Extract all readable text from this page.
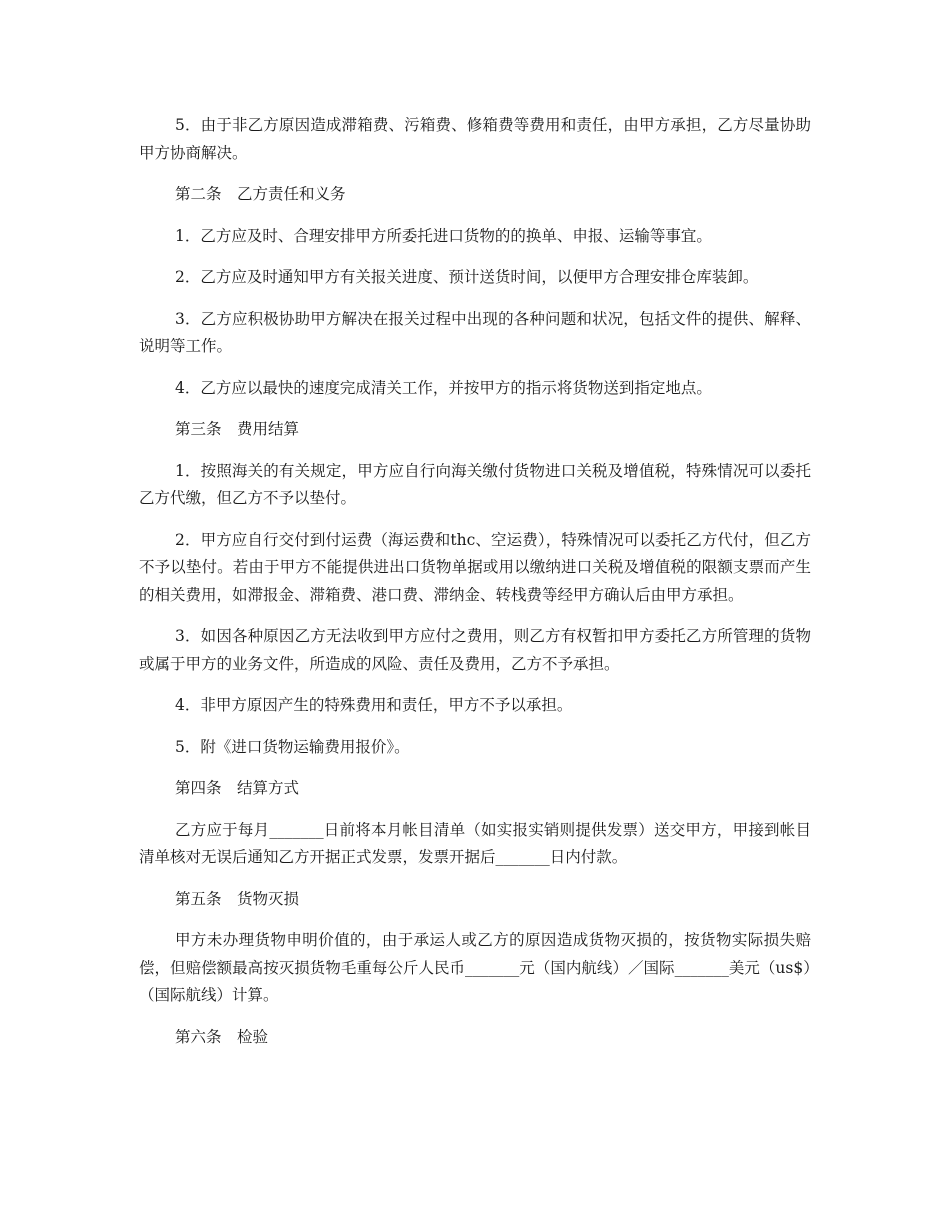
5．由于非乙方原因造成滞箱费、污箱费、修箱费等费用和责任，由甲方承担，乙方尽量协助甲方协商解决。

第二条　乙方责任和义务

1．乙方应及时、合理安排甲方所委托进口货物的的换单、申报、运输等事宜。

2．乙方应及时通知甲方有关报关进度、预计送货时间，以便甲方合理安排仓库装卸。

3．乙方应积极协助甲方解决在报关过程中出现的各种问题和状况，包括文件的提供、解释、说明等工作。

4．乙方应以最快的速度完成清关工作，并按甲方的指示将货物送到指定地点。

第三条　费用结算

1．按照海关的有关规定，甲方应自行向海关缴付货物进口关税及增值税，特殊情况可以委托乙方代缴，但乙方不予以垫付。

2．甲方应自行交付到付运费（海运费和thc、空运费），特殊情况可以委托乙方代付，但乙方不予以垫付。若由于甲方不能提供进出口货物单据或用以缴纳进口关税及增值税的限额支票而产生的相关费用，如滞报金、滞箱费、港口费、滞纳金、转栈费等经甲方确认后由甲方承担。

3．如因各种原因乙方无法收到甲方应付之费用，则乙方有权暂扣甲方委托乙方所管理的货物或属于甲方的业务文件，所造成的风险、责任及费用，乙方不予承担。

4．非甲方原因产生的特殊费用和责任，甲方不予以承担。

5．附《进口货物运输费用报价》。

第四条　结算方式

乙方应于每月_______日前将本月帐目清单（如实报实销则提供发票）送交甲方，甲接到帐目清单核对无误后通知乙方开据正式发票，发票开据后_______日内付款。

第五条　货物灭损

甲方未办理货物申明价值的，由于承运人或乙方的原因造成货物灭损的，按货物实际损失赔偿，但赔偿额最高按灭损货物毛重每公斤人民币_______元（国内航线）／国际_______美元（us$）（国际航线）计算。

第六条　检验
